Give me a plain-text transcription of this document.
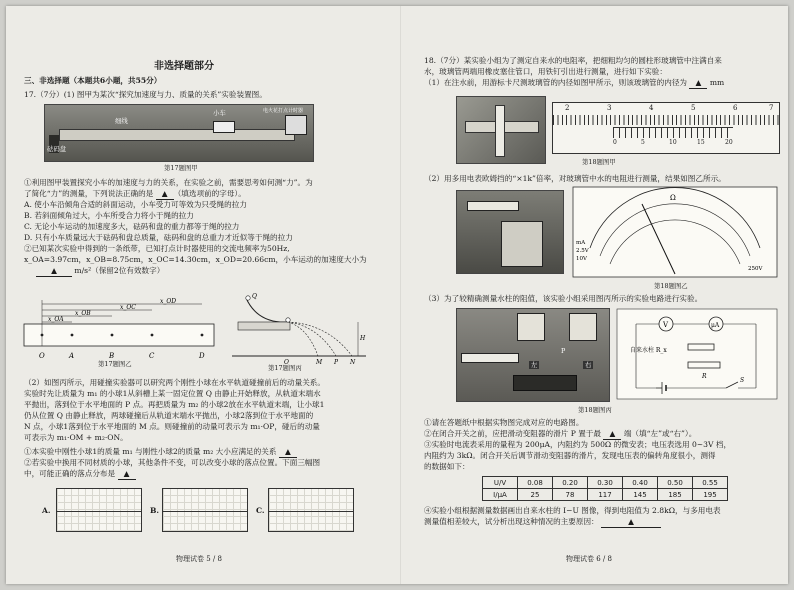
非选择题部分
三、非选择题（本题共6小题，共55分）
17.（7分）(1) 图甲为某次“探究加速度与力、质量的关系”实验装置图。
小车	电火花打点计时器
细线
砝码盘
第17题图甲
①利用图甲装置探究小车的加速度与力的关系，在实验之前，需要思考如何测“力”。为
了简化“力”的测量，下列说法正确的是 ▲ （填选项前的字母）。
A. 使小车沿倾角合适的斜面运动，小车受力可等效为只受绳的拉力
B. 若斜面倾角过大，小车所受合力将小于绳的拉力
C. 无论小车运动的加速度多大，砝码和盘的重力都等于绳的拉力
D. 只有小车质量远大于砝码和盘总质量，砝码和盘的总重力才近似等于绳的拉力
②已知某次实验中得到的一条纸带，已知打点计时器使用的交流电频率为50Hz,
x_OA=3.97cm，x_OB=8.75cm，x_OC=14.30cm，x_OD=20.66cm，小车运动的加速度大小为
▲ m/s²（保留2位有效数字）
x_OD
x_OC
x_OB
x_OA
O	A	B	C	D
第17题图乙
Q
P
M	N
H
O
第17题图丙
（2）如图丙所示，用碰撞实验器可以研究两个刚性小球在水平轨道碰撞前后的动量关系。
实验时先让质量为 m₁ 的小球1从斜槽上某一固定位置 Q 由静止开始释放，从轨道末端水
平抛出，落到位于水平地面的 P 点。再把质量为 m₂ 的小球2放在水平轨道末端，让小球1
仍从位置 Q 由静止释放，两球碰撞后从轨道末端水平抛出，小球2落到位于水平地面的
N 点，小球1落到位于水平地面的 M 点。则碰撞前的动量可表示为 m₁·OP，碰后的动量
可表示为 m₁·OM + m₂·ON。
①本实验中刚性小球1的质量 m₁ 与刚性小球2的质量 m₂ 大小应满足的关系 ▲
②若实验中换用不同材质的小球，其他条件不变，可以改变小球的落点位置。下面三幅图
中，可能正确的落点分布是 ▲
A.	B.	C.
物理试卷 5 / 8
18.（7分）某实验小组为了测定自来水的电阻率，把细粗均匀的圆柱形玻璃管中注满自来
水，玻璃管两端用橡皮塞住管口，用铁钉引出进行测量，进行如下实验：
（1）在注水前，用游标卡尺测玻璃管的内径如图甲所示，则该玻璃管的内径为 ▲ mm
2	3	4	5	6	7
0	5	10	15	20
第18题图甲
（2）用多用电表欧姆挡的“×1k”倍率，对玻璃管中水的电阻进行测量，结果如图乙所示。
Ω
2.5V
10V
mA
250V
第18题图乙
（3）为了较精确测量水柱的阻值，该实验小组采用图丙所示的实验电路进行实验。
左	右
P
V	μA
自来水柱 R_x
R
S
第18题图丙
①请在答题纸中根据实物图完成对应的电路图。
②在闭合开关之前，应把滑动变阻器的滑片 P 置于最 ▲ 端（填“左”或“右”）。
③实验时电流表采用的量程为 200μA，内阻约为 500Ω 的微安表；电压表选用 0~3V 档，
内阻约为 3kΩ。闭合开关后调节滑动变阻器的滑片，发现电压表的偏转角度很小，测得
的数据如下：
U/V	0.08	0.20	0.30	0.40	0.50	0.55
I/μA	25	78	117	145	185	195
④实验小组根据测量数据画出自来水柱的 I−U 图像，得到电阻值为 2.8kΩ，与多用电表
测量值相差较大，试分析出现这种情况的主要原因：	▲
物理试卷 6 / 8
